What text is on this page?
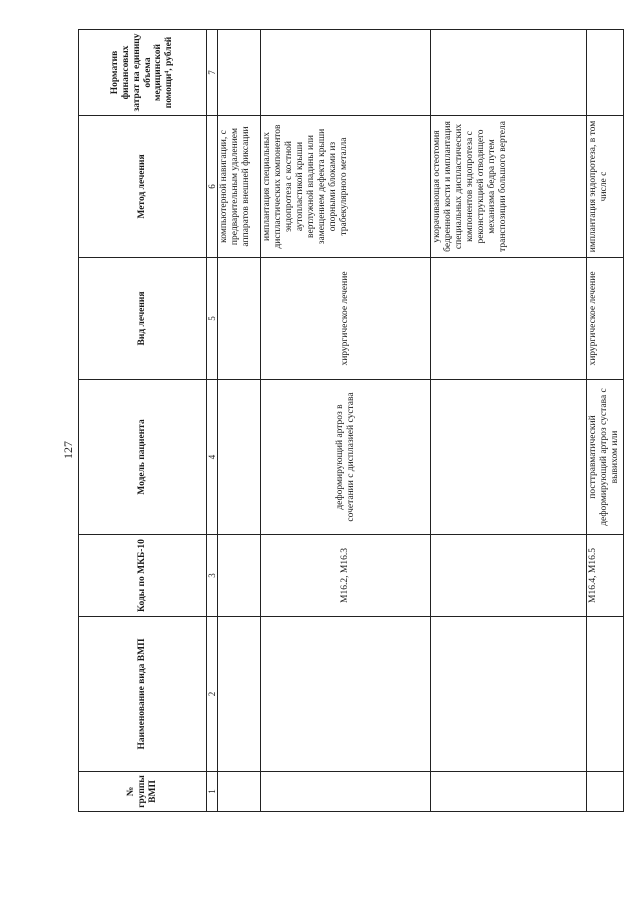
127
№ группы ВМП	Наименование вида ВМП	Коды по МКБ-10	Модель пациента	Вид лечения	Метод лечения	Норматив финансовых затрат на единицу объема медицинской помощи⁴, рублей
1	2	3	4	5	6	7
					компьютерной навигации, с предварительным удалением аппаратов внешней фиксации	
		M16.2, M16.3	деформирующий артроз в сочетании с дисплазией сустава	хирургическое лечение	имплантация специальных диспластических компонентов эндопротеза с костной аутопластикой крыши вертлужной впадины или замещением дефекта крыши опорными блоками из трабекулярного металла	
					укорачивающая остеотомия бедренной кости и имплантация специальных диспластических компонентов эндопротеза с реконструкцией отводящего механизма бедра путем транспозиции большого вертела	
		M16.4, M16.5	посттравматический деформирующий артроз сустава с вывихом или	хирургическое лечение	имплантация эндопротеза, в том числе с	
